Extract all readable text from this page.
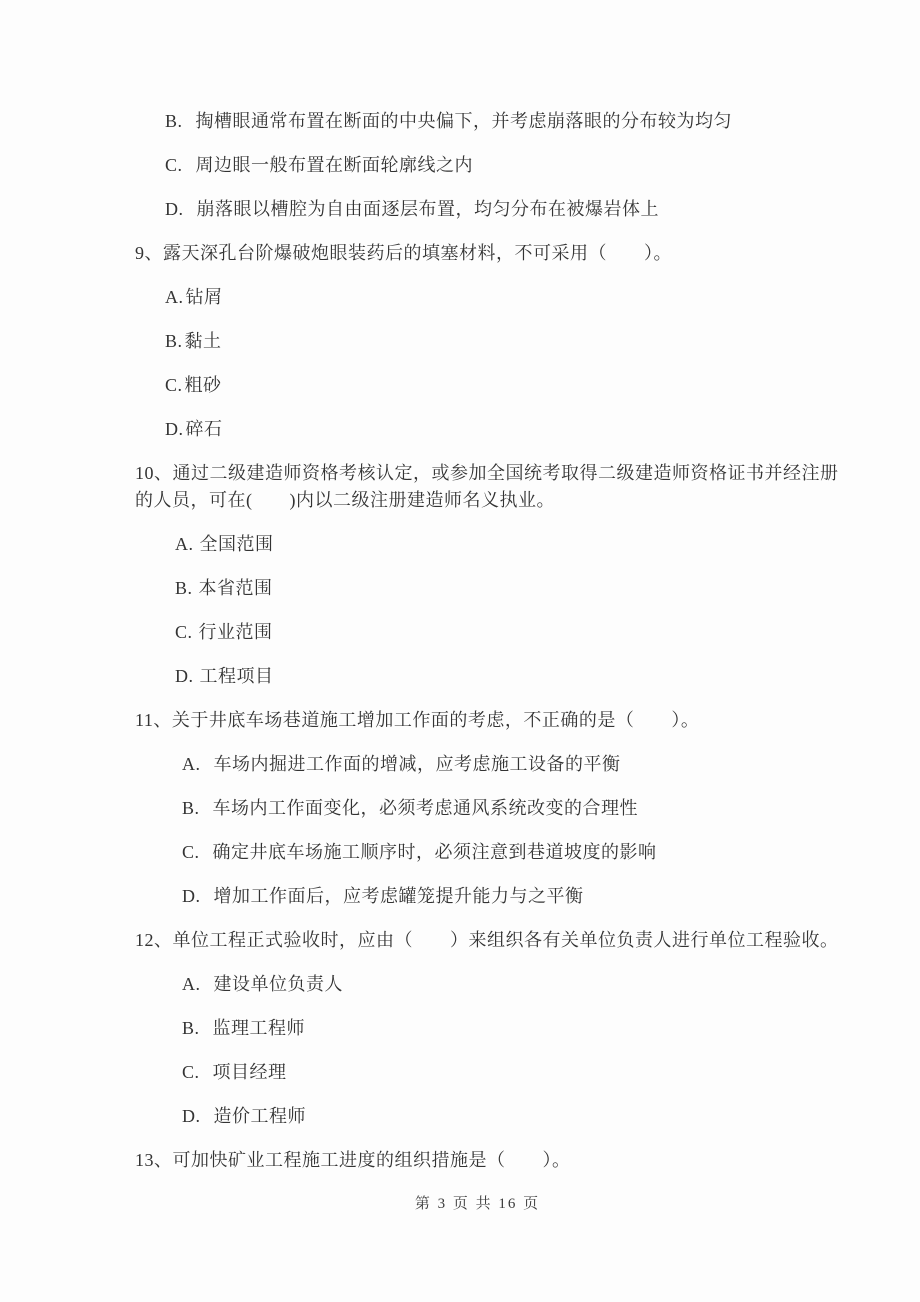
B. 掏槽眼通常布置在断面的中央偏下，并考虑崩落眼的分布较为均匀

C. 周边眼一般布置在断面轮廓线之内

D. 崩落眼以槽腔为自由面逐层布置，均匀分布在被爆岩体上

9、露天深孔台阶爆破炮眼装药后的填塞材料，不可采用（　　）。

A. 钻屑

B. 黏土

C. 粗砂

D. 碎石

10、通过二级建造师资格考核认定，或参加全国统考取得二级建造师资格证书并经注册的人员，可在(　　)内以二级注册建造师名义执业。

A. 全国范围

B. 本省范围

C. 行业范围

D. 工程项目

11、关于井底车场巷道施工增加工作面的考虑，不正确的是（　　）。

A. 车场内掘进工作面的增减，应考虑施工设备的平衡

B. 车场内工作面变化，必须考虑通风系统改变的合理性

C. 确定井底车场施工顺序时，必须注意到巷道坡度的影响

D. 增加工作面后，应考虑罐笼提升能力与之平衡

12、单位工程正式验收时，应由（　　）来组织各有关单位负责人进行单位工程验收。

A. 建设单位负责人

B. 监理工程师

C. 项目经理

D. 造价工程师

13、可加快矿业工程施工进度的组织措施是（　　）。

第 3 页 共 16 页
